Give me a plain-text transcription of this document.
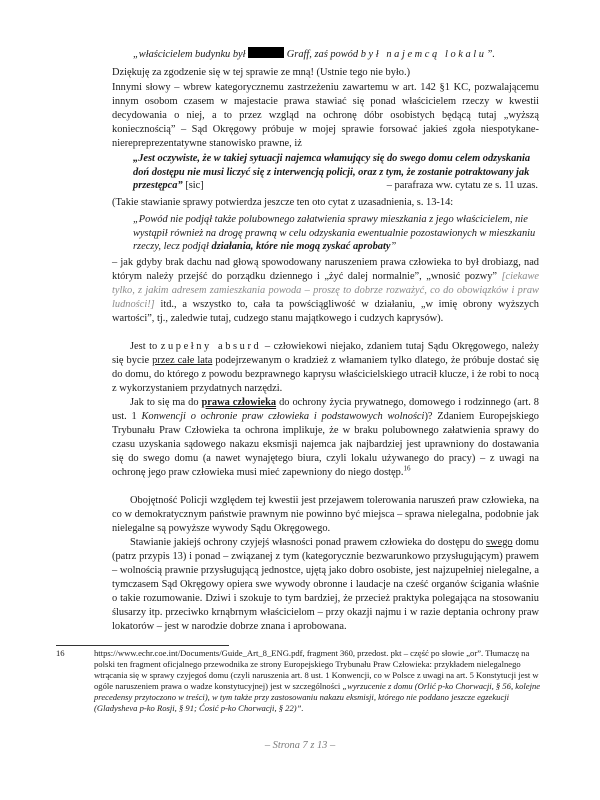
„właścicielem budynku był	Graff, zaś powód był najemcą lokalu”.

Dziękuję za zgodzenie się w tej sprawie ze mną! (Ustnie tego nie było.)

Innymi słowy – wbrew kategorycznemu zastrzeżeniu zawartemu w art. 142 §1 KC, pozwalającemu innym osobom czasem w majestacie prawa stawiać się ponad właścicielem rzeczy w kwestii decydowania o niej, a to przez wzgląd na ochronę dóbr osobistych będącą tutaj „wyższą koniecznością” – Sąd Okręgowy próbuje w mojej sprawie forsować jakieś zgoła niespotykane-nierepreprezentatywne stanowisko prawne, iż

„Jest oczywiste, że w takiej sytuacji najemca włamujący się do swego domu celem odzyskania doń dostępu nie musi liczyć się z interwencją policji, oraz z tym, że zostanie potraktowany jak przestępca” [sic]	– parafraza ww. cytatu ze s. 11 uzas.

(Takie stawianie sprawy potwierdza jeszcze ten oto cytat z uzasadnienia, s. 13-14:

„Powód nie podjął także polubownego załatwienia sprawy mieszkania z jego właścicielem, nie wystąpił również na drogę prawną w celu odzyskania ewentualnie pozostawionych w mieszkaniu rzeczy, lecz podjął działania, które nie mogą zyskać aprobaty”

– jak gdyby brak dachu nad głową spowodowany naruszeniem prawa człowieka to był drobiazg, nad którym należy przejść do porządku dziennego i „żyć dalej normalnie”, „wnosić pozwy” [ciekawe tylko, z jakim adresem zamieszkania powoda – proszę to dobrze rozważyć, co do obowiązków i praw ludności!] itd., a wszystko to, cała ta powściągliwość w działaniu, „w imię obrony wyższych wartości”, tj., zaledwie tutaj, cudzego stanu majątkowego i cudzych kaprysów).

Jest to zupełny absurd – człowiekowi niejako, zdaniem tutaj Sądu Okręgowego, należy się bycie przez całe lata podejrzewanym o kradzież z włamaniem tylko dlatego, że próbuje dostać się do domu, do którego z powodu bezprawnego kaprysu właścicielskiego utracił klucze, i że robi to nocą z wykorzystaniem przydatnych narzędzi.

Jak to się ma do prawa człowieka do ochrony życia prywatnego, domowego i rodzinnego (art. 8 ust. 1 Konwencji o ochronie praw człowieka i podstawowych wolności)? Zdaniem Europejskiego Trybunału Praw Człowieka ta ochrona implikuje, że w braku polubownego załatwienia sprawy do czasu uzyskania sądowego nakazu eksmisji najemca jak najbardziej jest uprawniony do dostawania się do swego domu (a nawet wynajętego biura, czyli lokalu używanego do pracy) – z uwagi na ochronę jego praw człowieka musi mieć zapewniony do niego dostęp.$^{16}$

Obojętność Policji względem tej kwestii jest przejawem tolerowania naruszeń praw człowieka, na co w demokratycznym państwie prawnym nie powinno być miejsca – sprawa nielegalna, podobnie jak nielegalne są powyższe wywody Sądu Okręgowego.

Stawianie jakiejś ochrony czyjejś własności ponad prawem człowieka do dostępu do swego domu (patrz przypis 13) i ponad – związanej z tym (kategorycznie bezwarunkowo przysługującym) prawem – wolnością prawnie przysługującą jednostce, ujętą jako dobro osobiste, jest najzupełniej nielegalne, a tymczasem Sąd Okręgowy opiera swe wywody obronne i laudacje na cześć organów ścigania właśnie o takie rozumowanie. Dziwi i szokuje to tym bardziej, że przecież praktyka polegająca na stosowaniu ślusarzy itp. przeciwko krnąbrnym właścicielom – przy okazji najmu i w razie deptania ochrony praw lokatorów – jest w narodzie dobrze znana i aprobowana.

16	https://www.echr.coe.int/Documents/Guide_Art_8_ENG.pdf, fragment 360, przedost. pkt – część po słowie „or”. Tłumaczę na polski ten fragment oficjalnego przewodnika ze strony Europejskiego Trybunału Praw Człowieka: przykładem nielegalnego wtrącania się w sprawy czyjegoś domu (czyli naruszenia art. 8 ust. 1 Konwencji, co w Polsce z uwagi na art. 5 Konstytucji jest w ogóle naruszeniem prawa o wadze konstytucyjnej) jest w szczególności „wyrzucenie z domu (Orlić p-ko Chorwacji, § 56, kolejne precedensy przytoczono w treści), w tym także przy zastosowaniu nakazu eksmisji, którego nie poddano jeszcze egzekucji (Gladysheva p-ko Rosji, § 91; Ćosić p-ko Chorwacji, § 22)”.

– Strona 7 z 13 –
